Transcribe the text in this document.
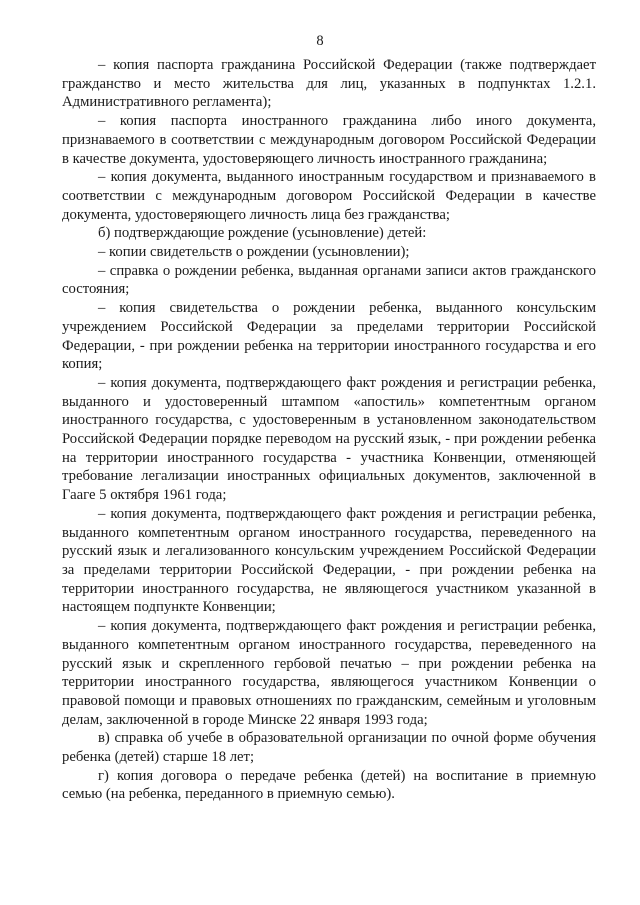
8

– копия паспорта гражданина Российской Федерации (также подтверждает гражданство и место жительства для лиц, указанных в подпунктах 1.2.1. Административного регламента);

– копия паспорта иностранного гражданина либо иного документа, признаваемого в соответствии с международным договором Российской Федерации в качестве документа, удостоверяющего личность иностранного гражданина;

– копия документа, выданного иностранным государством и признаваемого в соответствии с международным договором Российской Федерации в качестве документа, удостоверяющего личность лица без гражданства;

б) подтверждающие рождение (усыновление) детей:

– копии свидетельств о рождении (усыновлении);

– справка о рождении ребенка, выданная органами записи актов гражданского состояния;

– копия свидетельства о рождении ребенка, выданного консульским учреждением Российской Федерации за пределами территории Российской Федерации, - при рождении ребенка на территории иностранного государства и его копия;

– копия документа, подтверждающего факт рождения и регистрации ребенка, выданного и удостоверенный штампом «апостиль» компетентным органом иностранного государства, с удостоверенным в установленном законодательством Российской Федерации порядке переводом на русский язык, - при рождении ребенка на территории иностранного государства - участника Конвенции, отменяющей требование легализации иностранных официальных документов, заключенной в Гааге 5 октября 1961 года;

– копия документа, подтверждающего факт рождения и регистрации ребенка, выданного компетентным органом иностранного государства, переведенного на русский язык и легализованного консульским учреждением Российской Федерации за пределами территории Российской Федерации, - при рождении ребенка на территории иностранного государства, не являющегося участником указанной в настоящем подпункте Конвенции;

– копия документа, подтверждающего факт рождения и регистрации ребенка, выданного компетентным органом иностранного государства, переведенного на русский язык и скрепленного гербовой печатью – при рождении ребенка на территории иностранного государства, являющегося участником Конвенции о правовой помощи и правовых отношениях по гражданским, семейным и уголовным делам, заключенной в городе Минске 22 января 1993 года;

в) справка об учебе в образовательной организации по очной форме обучения ребенка (детей) старше 18 лет;

г) копия договора о передаче ребенка (детей) на воспитание в приемную семью (на ребенка, переданного в приемную семью).
